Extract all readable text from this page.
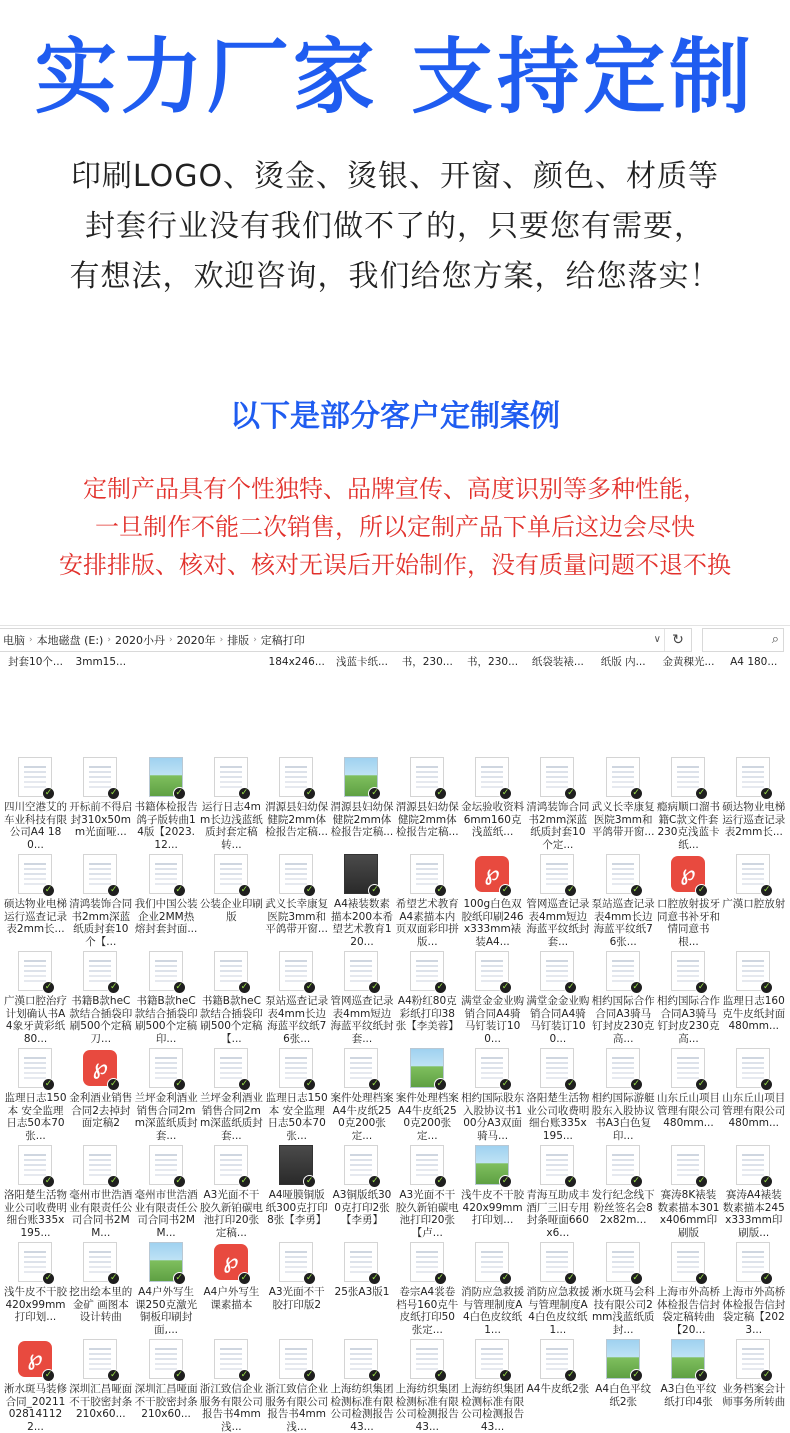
实力厂家 支持定制
印刷LOGO、烫金、烫银、开窗、颜色、材质等
封套行业没有我们做不了的，只要您有需要，
有想法，欢迎咨询，我们给您方案，给您落实！
以下是部分客户定制案例
定制产品具有个性独特、品牌宣传、高度识别等多种性能，
一旦制作不能二次销售，所以定制产品下单后这边会尽快
安排排版、核对、核对无误后开始制作，没有质量问题不退不换
电脑 › 本地磁盘 (E:) › 2020小丹 › 2020年 › 排版 › 定稿打印	∨ ↻	⌕
封套10个...	3mm15...	184x246...	浅蓝卡纸...	书，230...	书，230...	纸袋装裱...	纸版 内...	金黄稞光...	A4 180...
✓
四川空港艾的车业科技有限公司A4 180...
✓
开标前不得启封310x50mm光面哑...
✓
书籍体检报告鸽子版转曲14版【2023.12...
✓
运行日志4mm长边浅蓝纸质封套定稿转...
✓
渭源县妇幼保健院2mm体检报告定稿...
✓
渭源县妇幼保健院2mm体检报告定稿...
✓
渭源县妇幼保健院2mm体检报告定稿...
✓
金坛验收资料6mm160克浅蓝纸...
✓
清鸿装饰合同书2mm深蓝纸质封套10个定...
✓
武义长幸康复医院3mm和平鸽带开窗...
✓
瘾病顺口溜书籍C款文件套230克浅蓝卡纸...
✓
硕达物业电梯运行巡查记录表2mm长...
✓
硕达物业电梯运行巡查记录表2mm长...
✓
清鸿装饰合同书2mm深蓝纸质封套10个【...
✓
我们中国公装企业2MM热熔封套封面...
✓
公装企业印刷版
✓
武义长幸康复医院3mm和平鸽带开窗...
✓
A4裱装数素描本200本希望艺术教育120...
✓
希望艺术教育A4素描本内页双面彩印拼版...
℘
✓
100g白色双胶纸印刷246x333mm裱装A4...
✓
管网巡查记录表4mm短边海蓝平纹纸封套...
✓
泵站巡查记录表4mm长边海蓝平纹纸76张...
℘
✓
口腔放射拔牙同意书补牙和情同意书 根...
✓
广漢口腔放射
✓
广漢口腔治疗计划确认书A4象牙黄彩纸80...
✓
书籍B款heC款结合插袋印刷500个定稿刀...
✓
书籍B款heC款结合插袋印刷500个定稿印...
✓
书籍B款heC款结合插袋印刷500个定稿【...
✓
泵站巡查记录表4mm长边海蓝平纹纸76张...
✓
管网巡查记录表4mm短边海蓝平纹纸封套...
✓
A4粉红80克彩纸打印38张【李美蓉】
✓
满堂金金业购销合同A4骑马钉装订100...
✓
满堂金金业购销合同A4骑马钉装订100...
✓
相约国际合作合同A3骑马钉封皮230克高...
✓
相约国际合作合同A3骑马钉封皮230克高...
✓
监理日志160克牛皮纸封面480mm...
✓
监理日志150本 安全监理日志50本70张...
℘
✓
金利酒业销售合同2去掉封面定稿2
✓
兰坪金利酒业销售合同2mm深蓝纸质封套...
✓
兰坪金利酒业销售合同2mm深蓝纸质封套...
✓
监理日志150本 安全监理日志50本70张...
✓
案件处理档案A4牛皮纸250克200张定...
✓
案件处理档案A4牛皮纸250克200张定...
✓
相约国际股东入股协议书100分A3双面骑马...
✓
洛阳楚生活物业公司收费明细台账335x195...
✓
相约国际游艇股东入股协议书A3白色复印...
✓
山东丘山项目管理有限公司480mm...
✓
山东丘山项目管理有限公司480mm...
✓
洛阳楚生活物业公司收费明细台账335x195...
✓
毫州市世浩酒业有限责任公司合同书2MM...
✓
毫州市世浩酒业有限责任公司合同书2MM...
✓
A3光面不干胶久新铂碳电池打印20张定稿...
✓
A4哑膜铜版纸300克打印8张【李勇】
✓
A3铜版纸300克打印2张【李勇】
✓
A3光面不干胶久新铂碳电池打印20张【卢...
✓
浅牛皮不干胶420x99mm打印划...
✓
青海互助成丰酒厂三旧专用封条哑面660x6...
✓
发行纪念线下粉丝签名会82x82m...
✓
赛涛8K裱装数素描本301x406mm印刷版
✓
赛涛A4裱装数素描本245x333mm印刷版...
✓
浅牛皮不干胶420x99mm打印划...
✓
挖出绘本里的金矿 画图本设计转曲
✓
A4户外写生课250克激光铜板印刷封面,...
℘
✓
A4户外写生课素描本
✓
A3光面不干胶打印版2
✓
25张A3版1
✓
卷宗A4裳卷档号160克牛皮纸打印50张定...
✓
消防应急救援与管理制度A4白色皮纹纸1...
✓
消防应急救援与管理制度A4白色皮纹纸1...
✓
淅水斑马会科技有限公司2mm浅蓝纸质封...
✓
上海市外高桥体检报告信封袋定稿转曲【20...
✓
上海市外高桥体检报告信封袋定稿【2023...
℘
✓
淅水斑马装修合同_20211028141122...
✓
深圳汇昌哑面不干胶密封条210x60...
✓
深圳汇昌哑面不干胶密封条210x60...
✓
浙江致信企业服务有限公司报告书4mm浅...
✓
浙江致信企业服务有限公司报告书4mm浅...
✓
上海纺织集团检测标准有限公司检测报告43...
✓
上海纺织集团检测标准有限公司检测报告43...
✓
上海纺织集团检测标准有限公司检测报告43...
✓
A4牛皮纸2张
✓
A4白色平纹纸2张
✓
A3白色平纹纸打印4张
✓
业务档案会计师事务所转曲
